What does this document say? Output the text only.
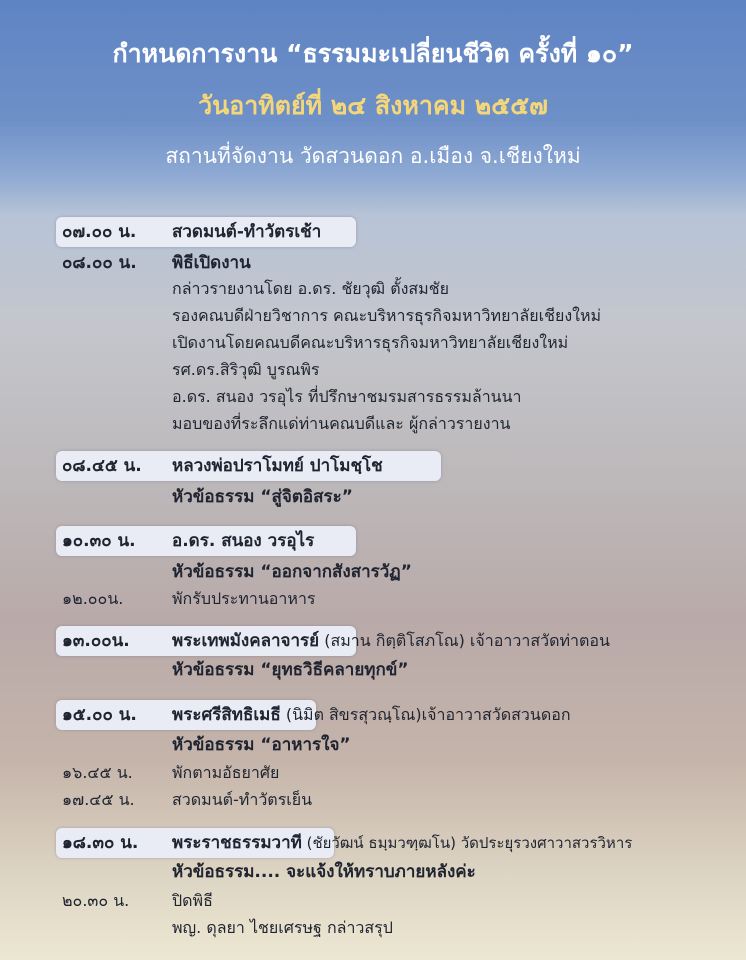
กำหนดการงาน “ธรรมมะเปลี่ยนชีวิต ครั้งที่ ๑๐”
วันอาทิตย์ที่ ๒๔ สิงหาคม ๒๕๕๗
สถานที่จัดงาน วัดสวนดอก อ.เมือง จ.เชียงใหม่
๐๗.๐๐ น. สวดมนต์-ทำวัตรเช้า
๐๘.๐๐ น. พิธีเปิดงาน
กล่าวรายงานโดย อ.ดร. ชัยวุฒิ ตั้งสมชัย
รองคณบดีฝ่ายวิชาการ คณะบริหารธุรกิจมหาวิทยาลัยเชียงใหม่
เปิดงานโดยคณบดีคณะบริหารธุรกิจมหาวิทยาลัยเชียงใหม่
รศ.ดร.สิริวุฒิ บูรณพิร
อ.ดร. สนอง วรอุไร ที่ปรึกษาชมรมสารธรรมล้านนา
มอบของที่ระลึกแด่ท่านคณบดีและ ผู้กล่าวรายงาน
๐๘.๔๕ น. หลวงพ่อปราโมทย์ ปาโมชฺโช
หัวข้อธรรม “สู่จิตอิสระ”
๑๐.๓๐ น. อ.ดร. สนอง วรอุไร
หัวข้อธรรม “ออกจากสังสารวัฏ”
๑๒.๐๐น.	พักรับประทานอาหาร
๑๓.๐๐น. พระเทพมังคลาจารย์ (สมาน กิตฺติโสภโณ) เจ้าอาวาสวัดท่าตอน
หัวข้อธรรม “ยุทธวิธีคลายทุกข์”
๑๕.๐๐ น. พระศรีสิทธิเมธี (นิมิต สิขรสุวณฺโณ)เจ้าอาวาสวัดสวนดอก
หัวข้อธรรม “อาหารใจ”
๑๖.๔๕ น. พักตามอัธยาศัย
๑๗.๔๕ น. สวดมนต์-ทำวัตรเย็น
๑๘.๓๐ น. พระราชธรรมวาที (ชัยวัฒน์ ธมฺมวฑฺฒโน) วัดประยุรวงศาวาสวรวิหาร
หัวข้อธรรม.... จะแจ้งให้ทราบภายหลังค่ะ
๒๐.๓๐ น.	ปิดพิธี
พญ. ดุลยา ไชยเศรษฐ กล่าวสรุป
